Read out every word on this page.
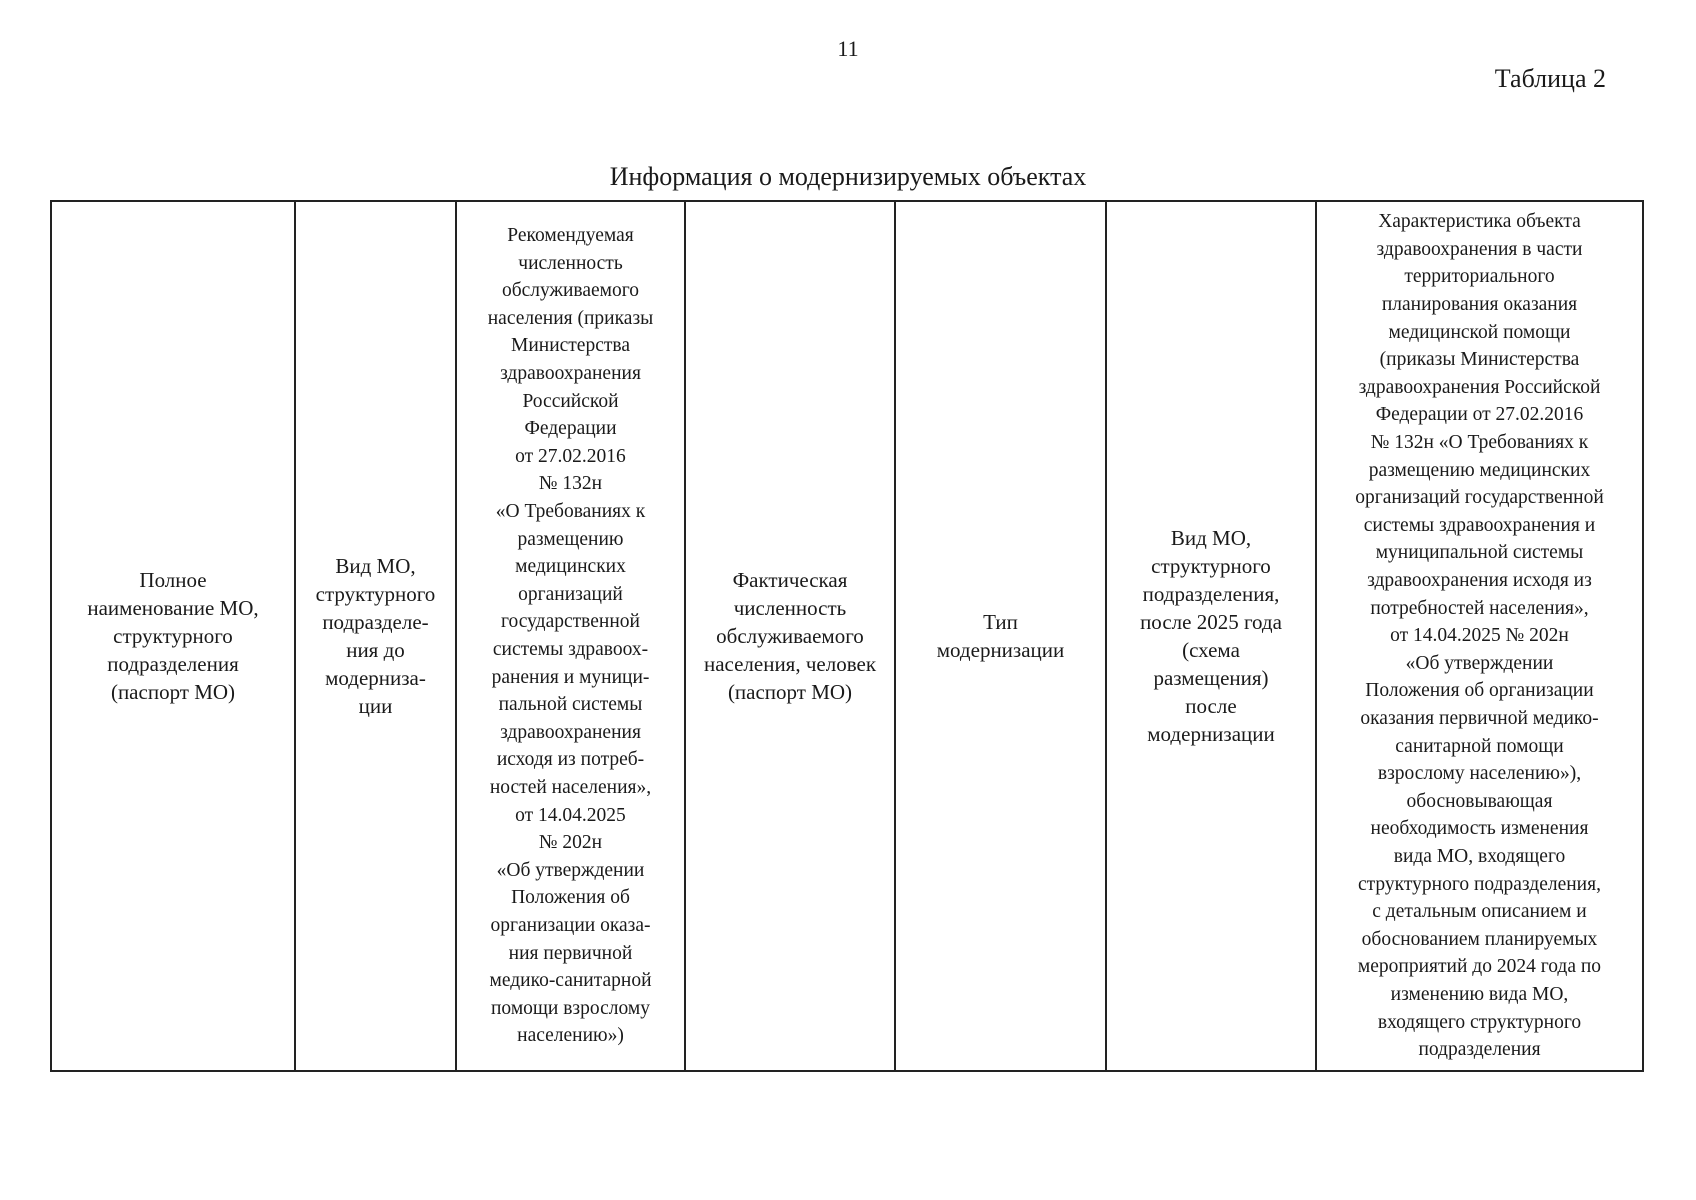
11
Таблица 2
Информация о модернизируемых объектах
Полное
наименование МО,
структурного
подразделения
(паспорт МО)
Вид МО,
структурного
подразделе-
ния до
модерниза-
ции
Рекомендуемая
численность
обслуживаемого
населения (приказы
Министерства
здравоохранения
Российской
Федерации
от 27.02.2016
№ 132н
«О Требованиях к
размещению
медицинских
организаций
государственной
системы здравоох-
ранения и муници-
пальной системы
здравоохранения
исходя из потреб-
ностей населения»,
от 14.04.2025
№ 202н
«Об утверждении
Положения об
организации оказа-
ния первичной
медико-санитарной
помощи взрослому
населению»)
Фактическая
численность
обслуживаемого
населения, человек
(паспорт МО)
Тип
модернизации
Вид МО,
структурного
подразделения,
после 2025 года
(схема
размещения)
после
модернизации
Характеристика объекта
здравоохранения в части
территориального
планирования оказания
медицинской помощи
(приказы Министерства
здравоохранения Российской
Федерации от 27.02.2016
№ 132н «О Требованиях к
размещению медицинских
организаций государственной
системы здравоохранения и
муниципальной системы
здравоохранения исходя из
потребностей населения»,
от 14.04.2025 № 202н
«Об утверждении
Положения об организации
оказания первичной медико-
санитарной помощи
взрослому населению»),
обосновывающая
необходимость изменения
вида МО, входящего
структурного подразделения,
с детальным описанием и
обоснованием планируемых
мероприятий до 2024 года по
изменению вида МО,
входящего структурного
подразделения
